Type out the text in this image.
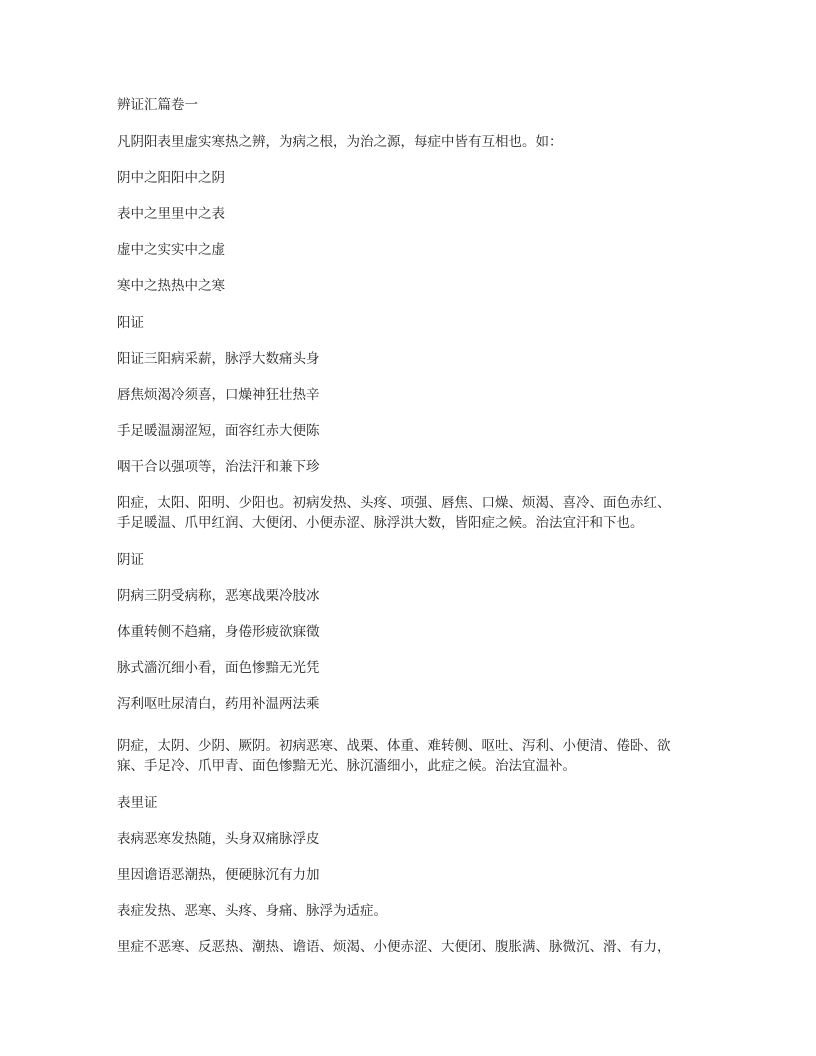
辨证汇篇卷一
凡阴阳表里虚实寒热之辨，为病之根，为治之源，每症中皆有互相也。如：
阴中之阳阳中之阴
表中之里里中之表
虚中之实实中之虚
寒中之热热中之寒
阳证
阳证三阳病采薪，脉浮大数痛头身
唇焦烦渴冷须喜，口燥神狂壮热辛
手足暖温溺涩短，面容红赤大便陈
咽干合以强项等，治法汗和兼下珍
阳症，太阳、阳明、少阳也。初病发热、头疼、项强、唇焦、口燥、烦渴、喜冷、面色赤红、
手足暖温、爪甲红润、大便闭、小便赤涩、脉浮洪大数，皆阳症之候。治法宜汗和下也。
阴证
阴病三阴受病称，恶寒战栗冷肢冰
体重转侧不趋痛，身倦形疲欲寐徵
脉式濇沉细小看，面色惨黯无光凭
泻利呕吐尿清白，药用补温两法乘
阴症，太阴、少阴、厥阴。初病恶寒、战栗、体重、难转侧、呕吐、泻利、小便清、倦卧、欲
寐、手足冷、爪甲青、面色惨黯无光、脉沉濇细小，此症之候。治法宜温补。
表里证
表病恶寒发热随，头身双痛脉浮皮
里因谵语恶潮热，便硬脉沉有力加
表症发热、恶寒、头疼、身痛、脉浮为适症。
里症不恶寒、反恶热、潮热、谵语、烦渴、小便赤涩、大便闭、腹胀满、脉微沉、滑、有力，
